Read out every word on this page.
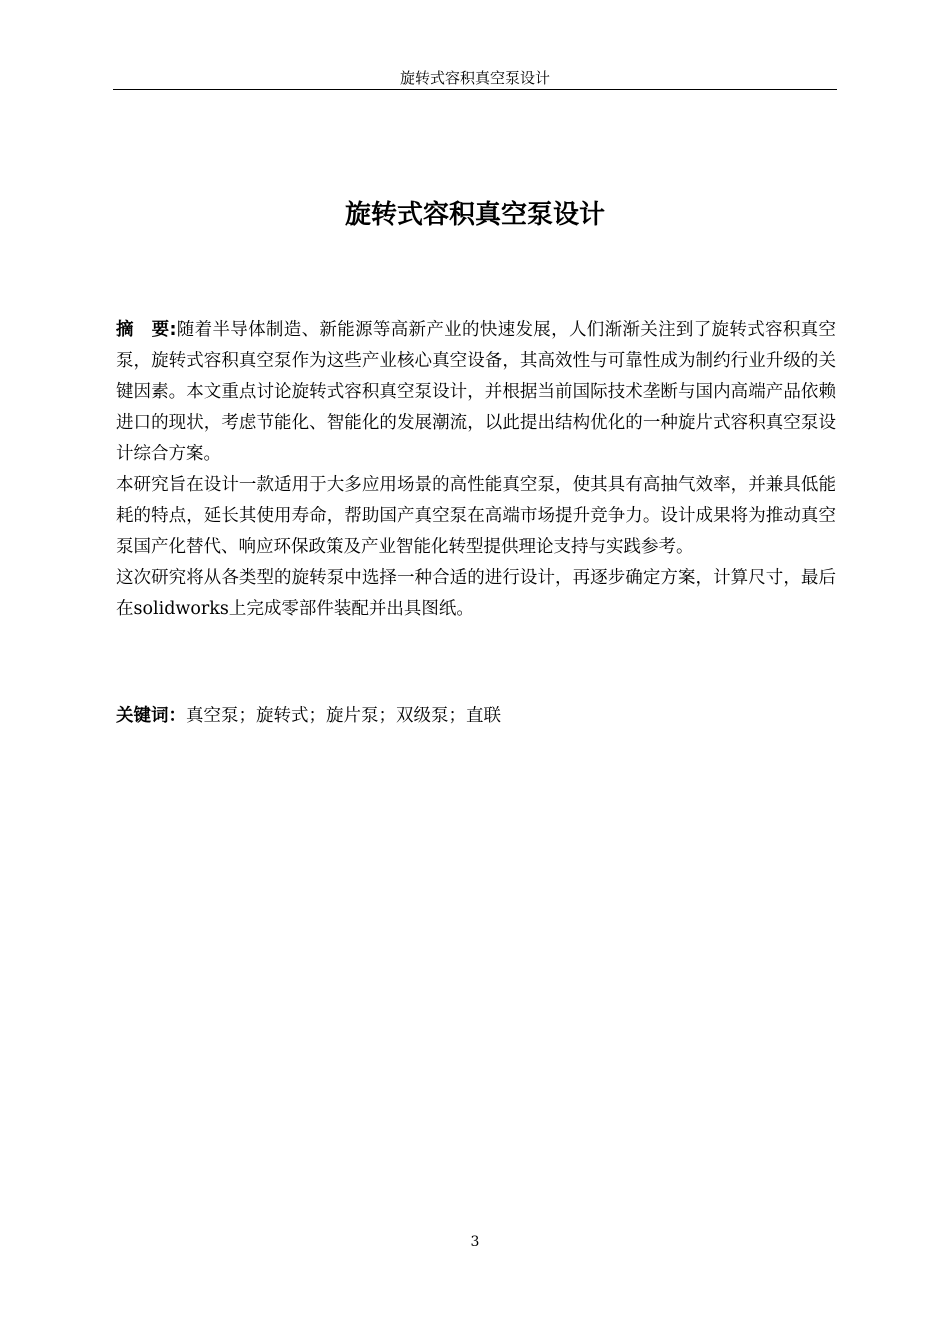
旋转式容积真空泵设计
旋转式容积真空泵设计

摘　要:随着半导体制造、新能源等高新产业的快速发展，人们渐渐关注到了旋转式容积真空泵，旋转式容积真空泵作为这些产业核心真空设备，其高效性与可靠性成为制约行业升级的关键因素。本文重点讨论旋转式容积真空泵设计，并根据当前国际技术垄断与国内高端产品依赖进口的现状，考虑节能化、智能化的发展潮流，以此提出结构优化的一种旋片式容积真空泵设计综合方案。

本研究旨在设计一款适用于大多应用场景的高性能真空泵，使其具有高抽气效率，并兼具低能耗的特点，延长其使用寿命，帮助国产真空泵在高端市场提升竞争力。设计成果将为推动真空泵国产化替代、响应环保政策及产业智能化转型提供理论支持与实践参考。

这次研究将从各类型的旋转泵中选择一种合适的进行设计，再逐步确定方案，计算尺寸，最后在solidworks上完成零部件装配并出具图纸。

关键词：真空泵；旋转式；旋片泵；双级泵；直联

3
